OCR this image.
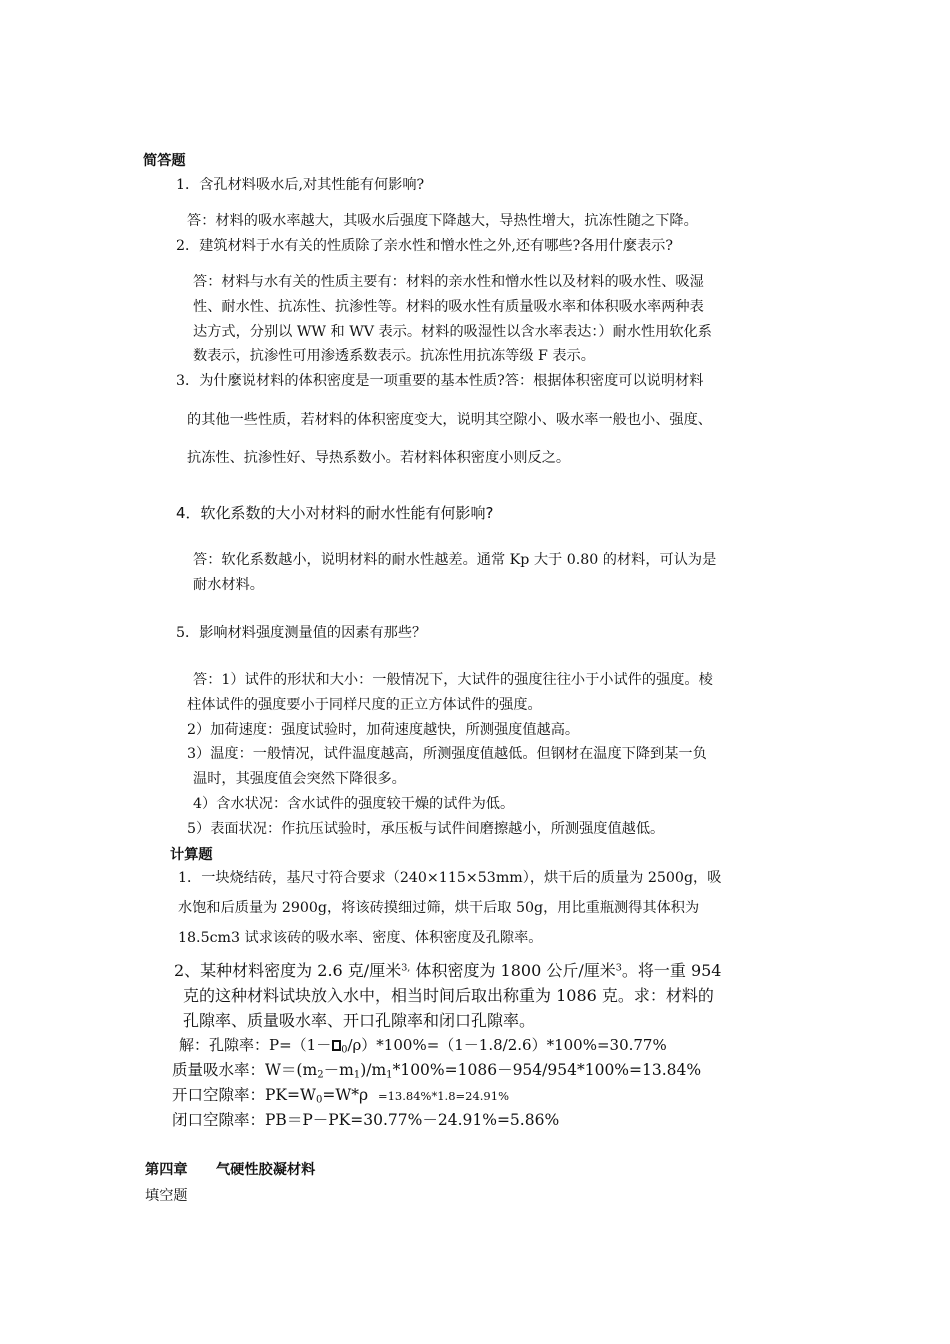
简答题
1．含孔材料吸水后,对其性能有何影响?
答：材料的吸水率越大，其吸水后强度下降越大，导热性增大，抗冻性随之下降。
2．建筑材料于水有关的性质除了亲水性和憎水性之外,还有哪些?各用什麼表示?
答：材料与水有关的性质主要有：材料的亲水性和憎水性以及材料的吸水性、吸湿
性、耐水性、抗冻性、抗渗性等。材料的吸水性有质量吸水率和体积吸水率两种表
达方式，分别以 WW 和 WV 表示。材料的吸湿性以含水率表达：）耐水性用软化系
数表示，抗渗性可用渗透系数表示。抗冻性用抗冻等级 F 表示。
3．为什麼说材料的体积密度是一项重要的基本性质?答：根据体积密度可以说明材料
的其他一些性质，若材料的体积密度变大，说明其空隙小、吸水率一般也小、强度、
抗冻性、抗渗性好、导热系数小。若材料体积密度小则反之。
4．软化系数的大小对材料的耐水性能有何影响?
答：软化系数越小，说明材料的耐水性越差。通常 Kp 大于 0.80 的材料，可认为是
耐水材料。
5．影响材料强度测量值的因素有那些？
答：1）试件的形状和大小：一般情况下，大试件的强度往往小于小试件的强度。棱
柱体试件的强度要小于同样尺度的正立方体试件的强度。
2）加荷速度：强度试验时，加荷速度越快，所测强度值越高。
3）温度：一般情况，试件温度越高，所测强度值越低。但钢材在温度下降到某一负
温时，其强度值会突然下降很多。
4）含水状况：含水试件的强度较干燥的试件为低。
5）表面状况：作抗压试验时，承压板与试件间磨擦越小，所测强度值越低。
计算题
1．一块烧结砖，基尺寸符合要求（240×115×53mm），烘干后的质量为 2500g，吸
水饱和后质量为 2900g，将该砖摸细过筛，烘干后取 50g，用比重瓶测得其体积为
18.5cm3 试求该砖的吸水率、密度、体积密度及孔隙率。
2、某种材料密度为 2.6 克/厘米$^{3,}$ 体积密度为 1800 公斤/厘米$^3$。将一重 954
克的这种材料试块放入水中，相当时间后取出称重为 1086 克。求：材料的
孔隙率、质量吸水率、开口孔隙率和闭口孔隙率。
解：孔隙率：P=（1－ $_0$/ρ）*100%=（1－1.8/2.6）*100%=30.77%
质量吸水率：$W=(m_2-m_1)/m_1*100\%=1086-954/954*100\%=13.84\%$
开口空隙率：$PK=W_0=W*\rho =13.84\%*1.8=24.91\%$
闭口空隙率：PB＝P－PK=30.77%－24.91%=5.86%
第四章　　气硬性胶凝材料
填空题
